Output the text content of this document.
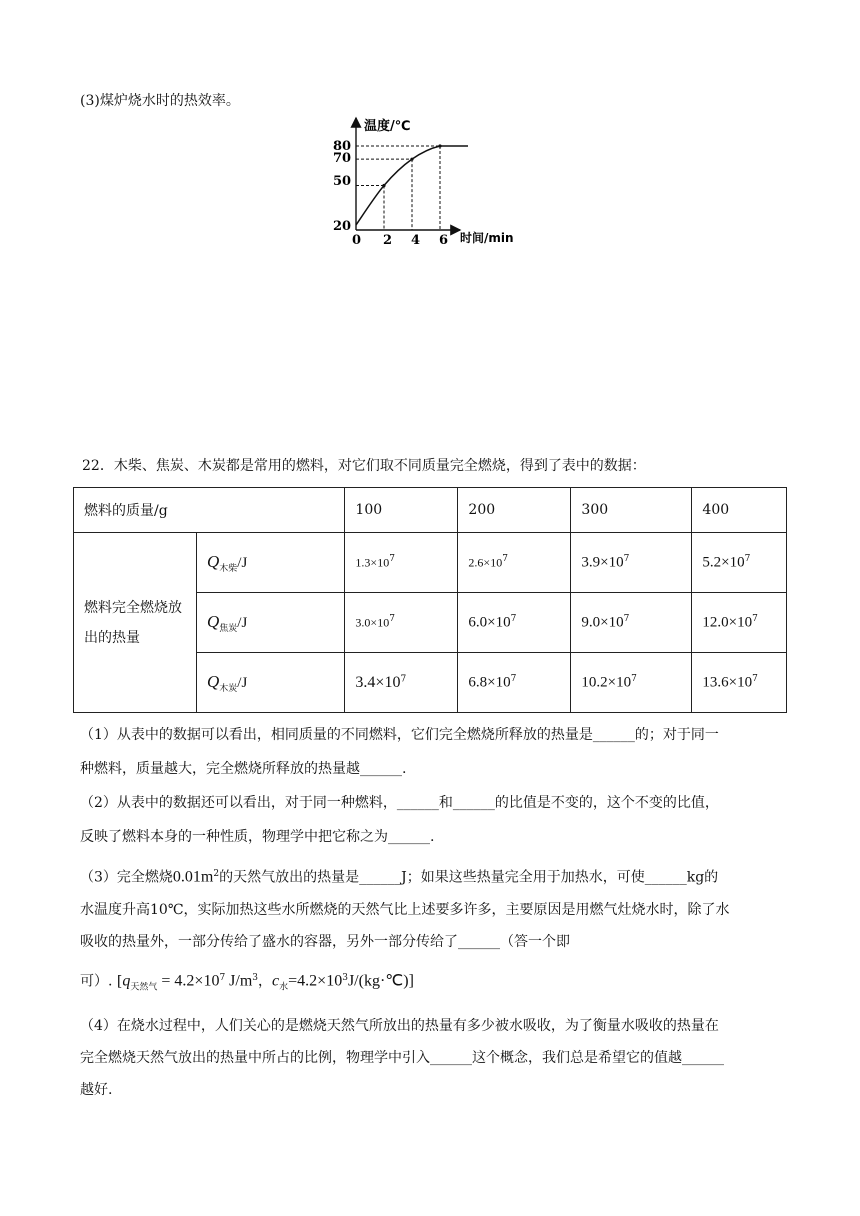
(3)煤炉烧水时的热效率。
温度/℃
时间/min
80
70
50
20
0 2 4 6
22．木柴、焦炭、木炭都是常用的燃料，对它们取不同质量完全燃烧，得到了表中的数据：
燃料的质量/g		100	200	300	400
燃料完全燃烧放出的热量	$Q_{木柴}/J$	$1.3\times 10^7$	$2.6\times 10^7$	$3.9\times 10^7$	$5.2\times 10^7$
	$Q_{焦炭}/J$	$3.0\times 10^7$	$6.0\times 10^7$	$9.0\times 10^7$	$12.0\times 10^7$
	$Q_{木炭}/J$	$3.4\times 10^7$	$6.8\times 10^7$	$10.2\times 10^7$	$13.6\times 10^7$

（1）从表中的数据可以看出，相同质量的不同燃料，它们完全燃烧所释放的热量是______的；对于同一

种燃料，质量越大，完全燃烧所释放的热量越______.

（2）从表中的数据还可以看出，对于同一种燃料，______和______的比值是不变的，这个不变的比值，

反映了燃料本身的一种性质，物理学中把它称之为______.

（3）完全燃烧$0.01m^2$的天然气放出的热量是______J；如果这些热量完全用于加热水，可使______kg的

水温度升高10℃，实际加热这些水所燃烧的天然气比上述要多许多，主要原因是用燃气灶烧水时，除了水

吸收的热量外，一部分传给了盛水的容器，另外一部分传给了______（答一个即

可）. [$q_{天然气} = 4.2\times 10^7$ $J/m^3$，$c_水=4.2\times 10^3J/(kg\cdot℃)$]

（4）在烧水过程中，人们关心的是燃烧天然气所放出的热量有多少被水吸收，为了衡量水吸收的热量在

完全燃烧天然气放出的热量中所占的比例，物理学中引入______这个概念，我们总是希望它的值越______

越好.
